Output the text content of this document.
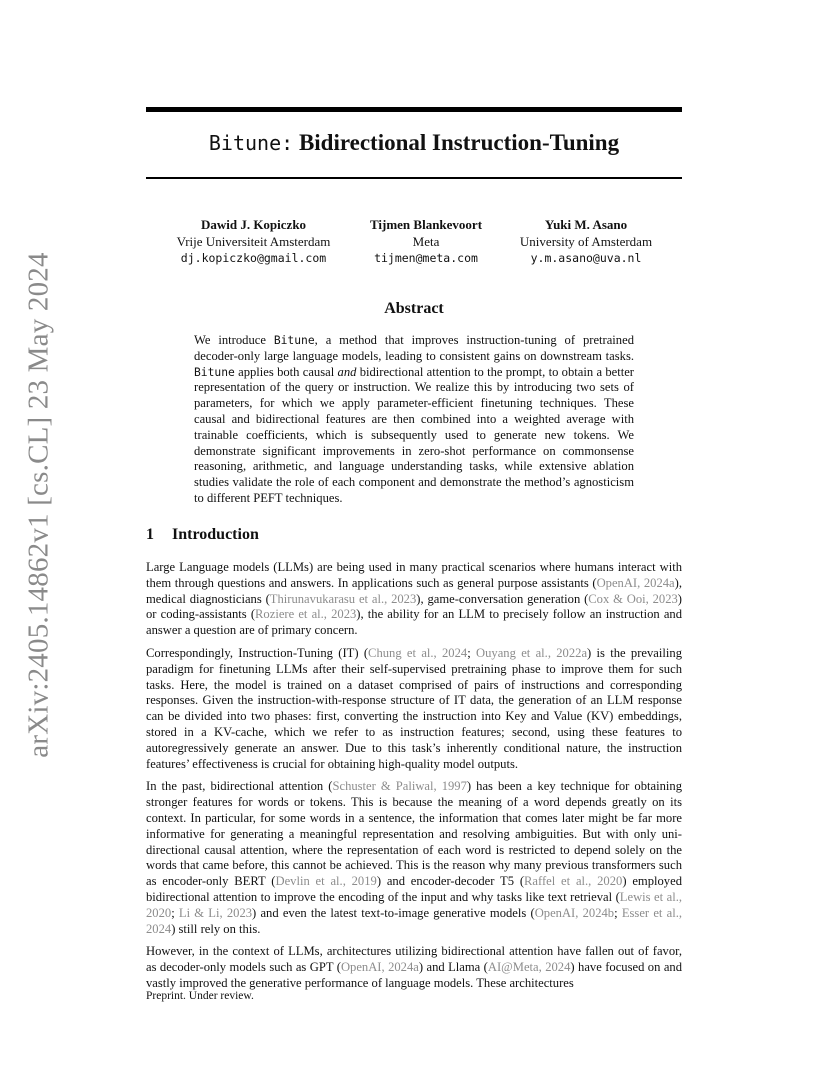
arXiv:2405.14862v1 [cs.CL] 23 May 2024
Bitune: Bidirectional Instruction-Tuning
Dawid J. Kopiczko
Vrije Universiteit Amsterdam
dj.kopiczko@gmail.com
Tijmen Blankevoort
Meta
tijmen@meta.com
Yuki M. Asano
University of Amsterdam
y.m.asano@uva.nl
Abstract
We introduce Bitune, a method that improves instruction-tuning of pretrained decoder-only large language models, leading to consistent gains on downstream tasks. Bitune applies both causal and bidirectional attention to the prompt, to obtain a better representation of the query or instruction. We realize this by introducing two sets of parameters, for which we apply parameter-efficient finetuning techniques. These causal and bidirectional features are then combined into a weighted average with trainable coefficients, which is subsequently used to generate new tokens. We demonstrate significant improvements in zero-shot performance on commonsense reasoning, arithmetic, and language understanding tasks, while extensive ablation studies validate the role of each component and demonstrate the method’s agnosticism to different PEFT techniques.
1 Introduction

Large Language models (LLMs) are being used in many practical scenarios where humans interact with them through questions and answers. In applications such as general purpose assistants (OpenAI, 2024a), medical diagnosticians (Thirunavukarasu et al., 2023), game-conversation generation (Cox & Ooi, 2023) or coding-assistants (Roziere et al., 2023), the ability for an LLM to precisely follow an instruction and answer a question are of primary concern.

Correspondingly, Instruction-Tuning (IT) (Chung et al., 2024; Ouyang et al., 2022a) is the prevailing paradigm for finetuning LLMs after their self-supervised pretraining phase to improve them for such tasks. Here, the model is trained on a dataset comprised of pairs of instructions and corresponding responses. Given the instruction-with-response structure of IT data, the generation of an LLM response can be divided into two phases: first, converting the instruction into Key and Value (KV) embeddings, stored in a KV-cache, which we refer to as instruction features; second, using these features to autoregressively generate an answer. Due to this task’s inherently conditional nature, the instruction features’ effectiveness is crucial for obtaining high-quality model outputs.

In the past, bidirectional attention (Schuster & Paliwal, 1997) has been a key technique for obtaining stronger features for words or tokens. This is because the meaning of a word depends greatly on its context. In particular, for some words in a sentence, the information that comes later might be far more informative for generating a meaningful representation and resolving ambiguities. But with only uni-directional causal attention, where the representation of each word is restricted to depend solely on the words that came before, this cannot be achieved. This is the reason why many previous transformers such as encoder-only BERT (Devlin et al., 2019) and encoder-decoder T5 (Raffel et al., 2020) employed bidirectional attention to improve the encoding of the input and why tasks like text retrieval (Lewis et al., 2020; Li & Li, 2023) and even the latest text-to-image generative models (OpenAI, 2024b; Esser et al., 2024) still rely on this.

However, in the context of LLMs, architectures utilizing bidirectional attention have fallen out of favor, as decoder-only models such as GPT (OpenAI, 2024a) and Llama (AI@Meta, 2024) have focused on and vastly improved the generative performance of language models. These architectures

Preprint. Under review.
